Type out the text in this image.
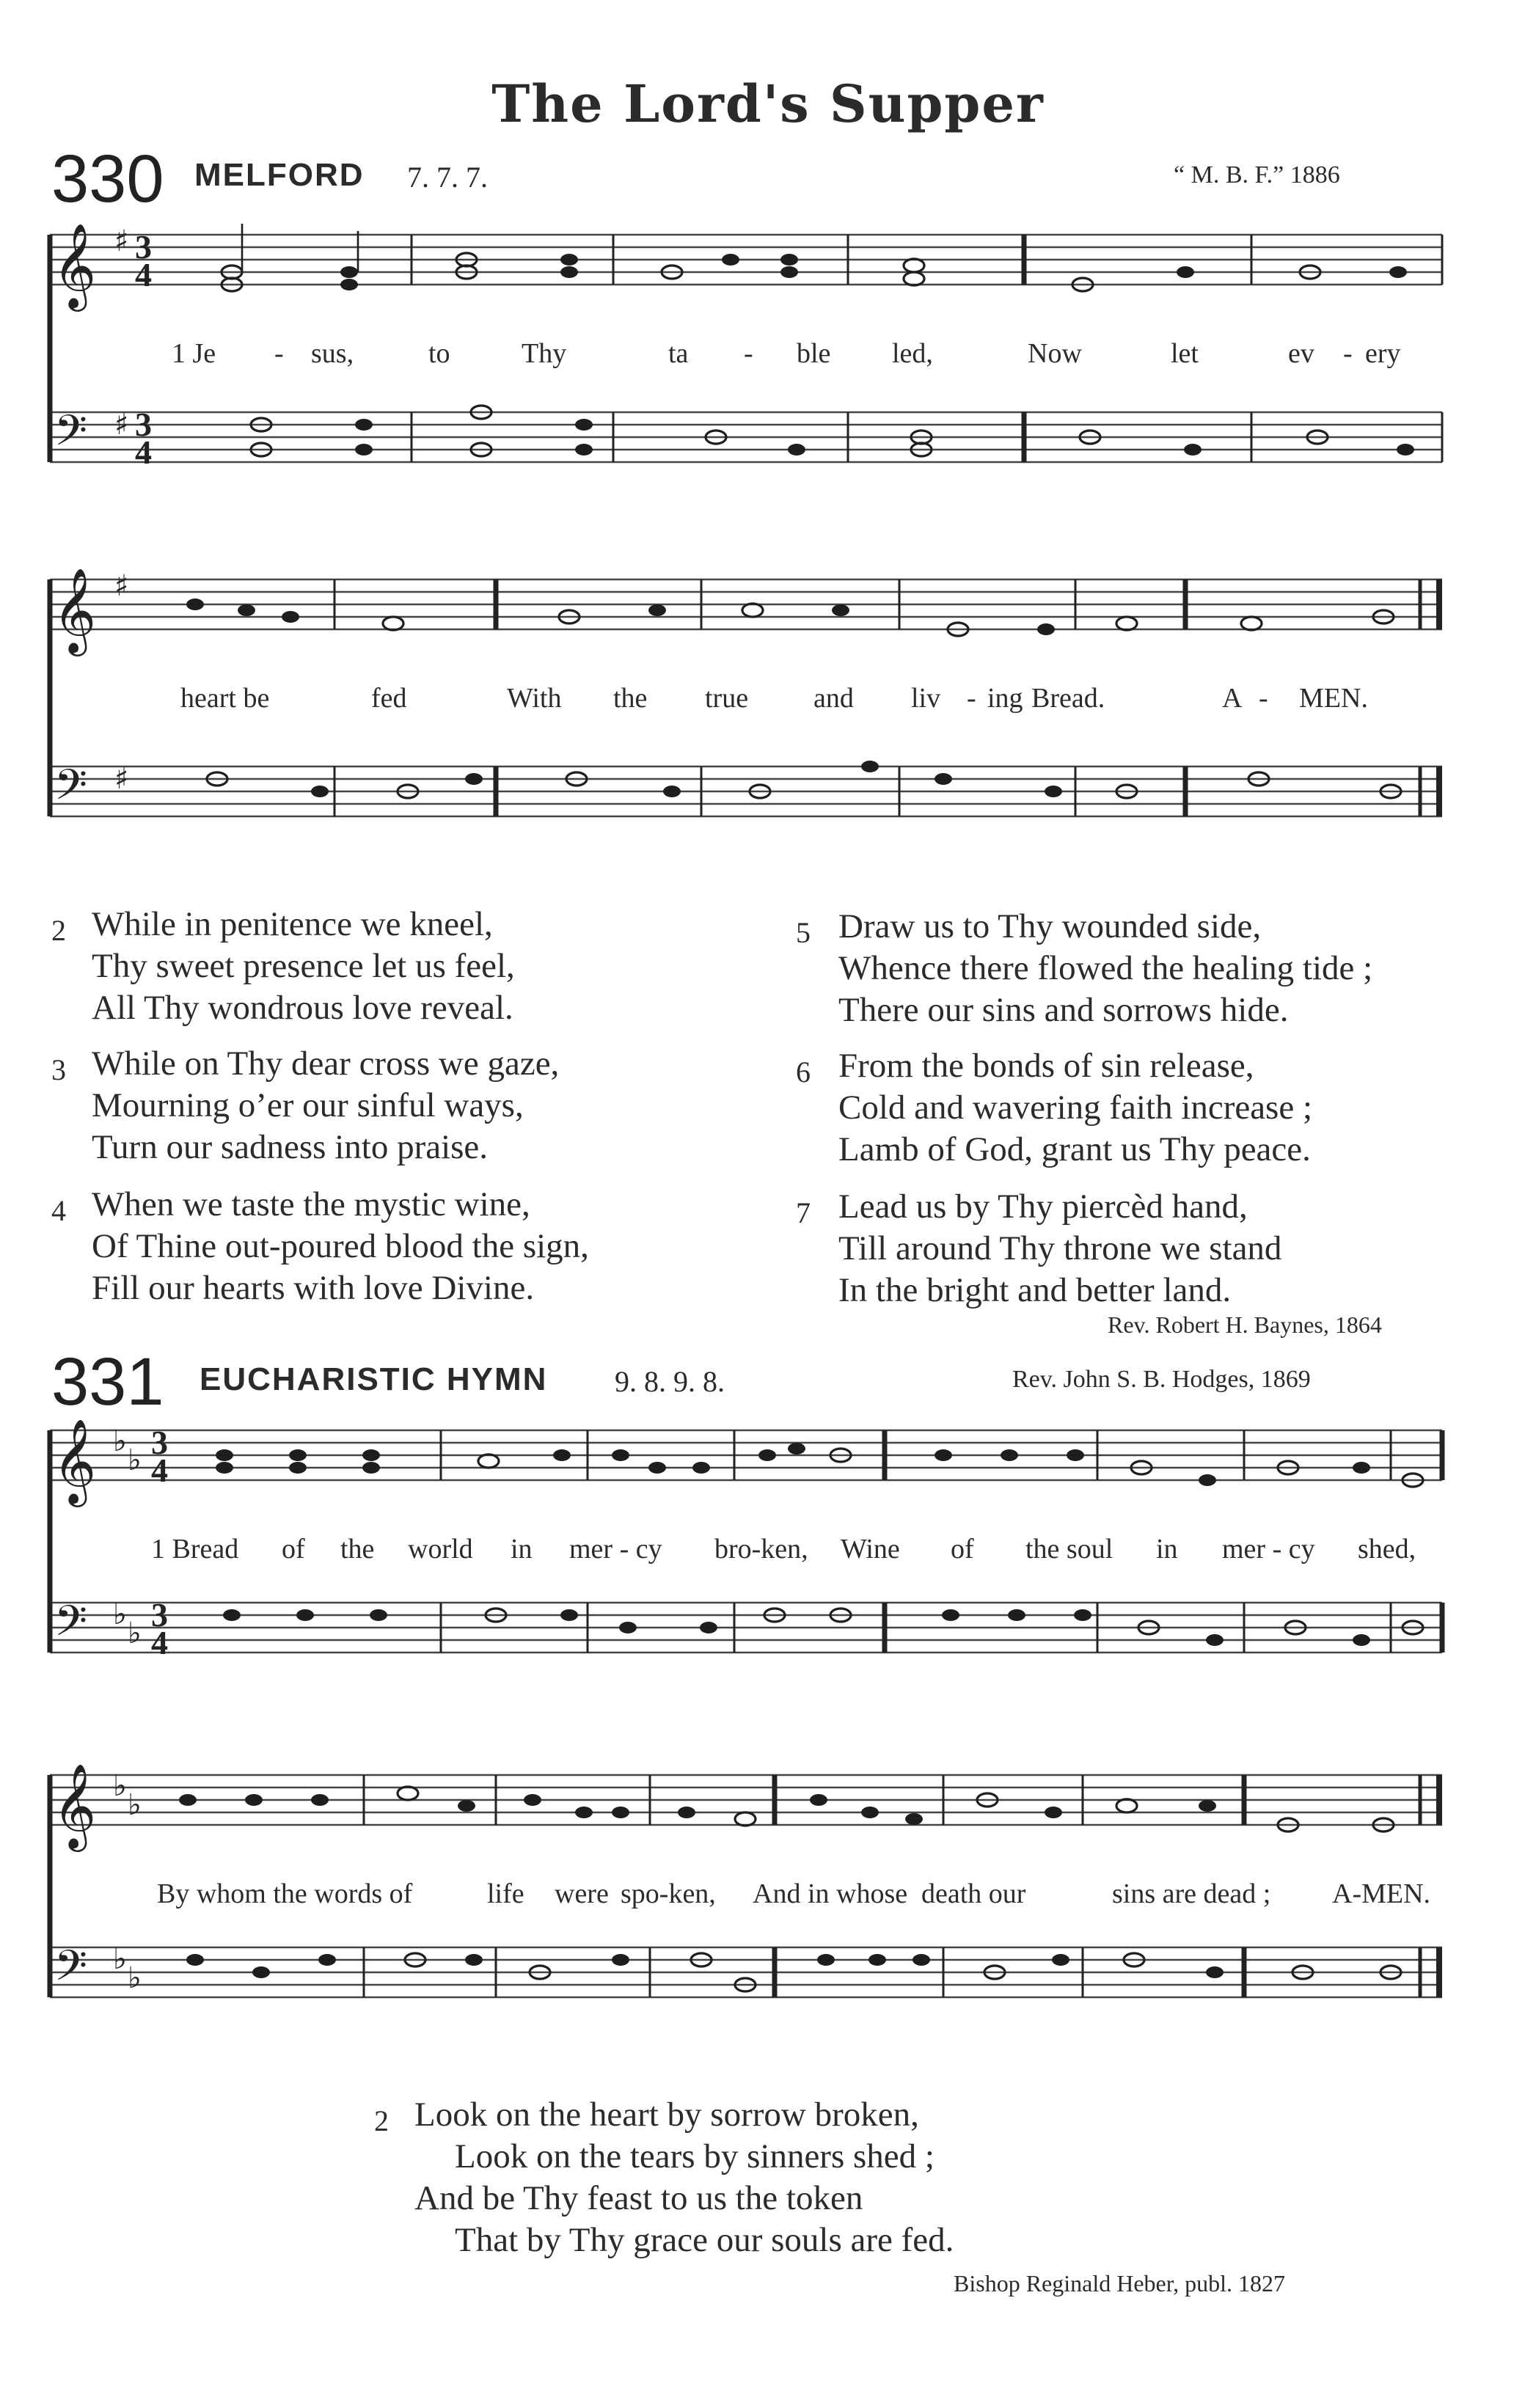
The Lord's Supper
330 MELFORD 7. 7. 7.	“ M. B. F.” 1886
𝄞
𝄢
♯
♯
3
4
3
4
1 Je - sus,	to	Thy	ta - ble led,	Now	let	ev - ery
𝄞
𝄢
♯
♯
heart be	fed	With the true and liv - ing Bread.	A - MEN.
2 While in penitence we kneel,
Thy sweet presence let us feel,
All Thy wondrous love reveal.
3 While on Thy dear cross we gaze,
Mourning o’er our sinful ways,
Turn our sadness into praise.
4 When we taste the mystic wine,
Of Thine out-poured blood the sign,
Fill our hearts with love Divine.
5 Draw us to Thy wounded side,
Whence there flowed the healing tide ;
There our sins and sorrows hide.
6 From the bonds of sin release,
Cold and wavering faith increase ;
Lamb of God, grant us Thy peace.
7 Lead us by Thy piercèd hand,
Till around Thy throne we stand
In the bright and better land.
Rev. Robert H. Baynes, 1864
331 EUCHARISTIC HYMN 9. 8. 9. 8.	Rev. John S. B. Hodges, 1869
𝄞
𝄢
♭
♭
♭
♭
3
4
3
4
1 Bread of the world in mer - cy bro-ken, Wine of the soul in mer - cy shed,
𝄞
𝄢
♭
♭
♭
♭
By whom the words of	life were spo-ken, And in whose death our	sins are dead ; A-MEN.
2 Look on the heart by sorrow broken,
Look on the tears by sinners shed ;
And be Thy feast to us the token
That by Thy grace our souls are fed.
Bishop Reginald Heber, publ. 1827
